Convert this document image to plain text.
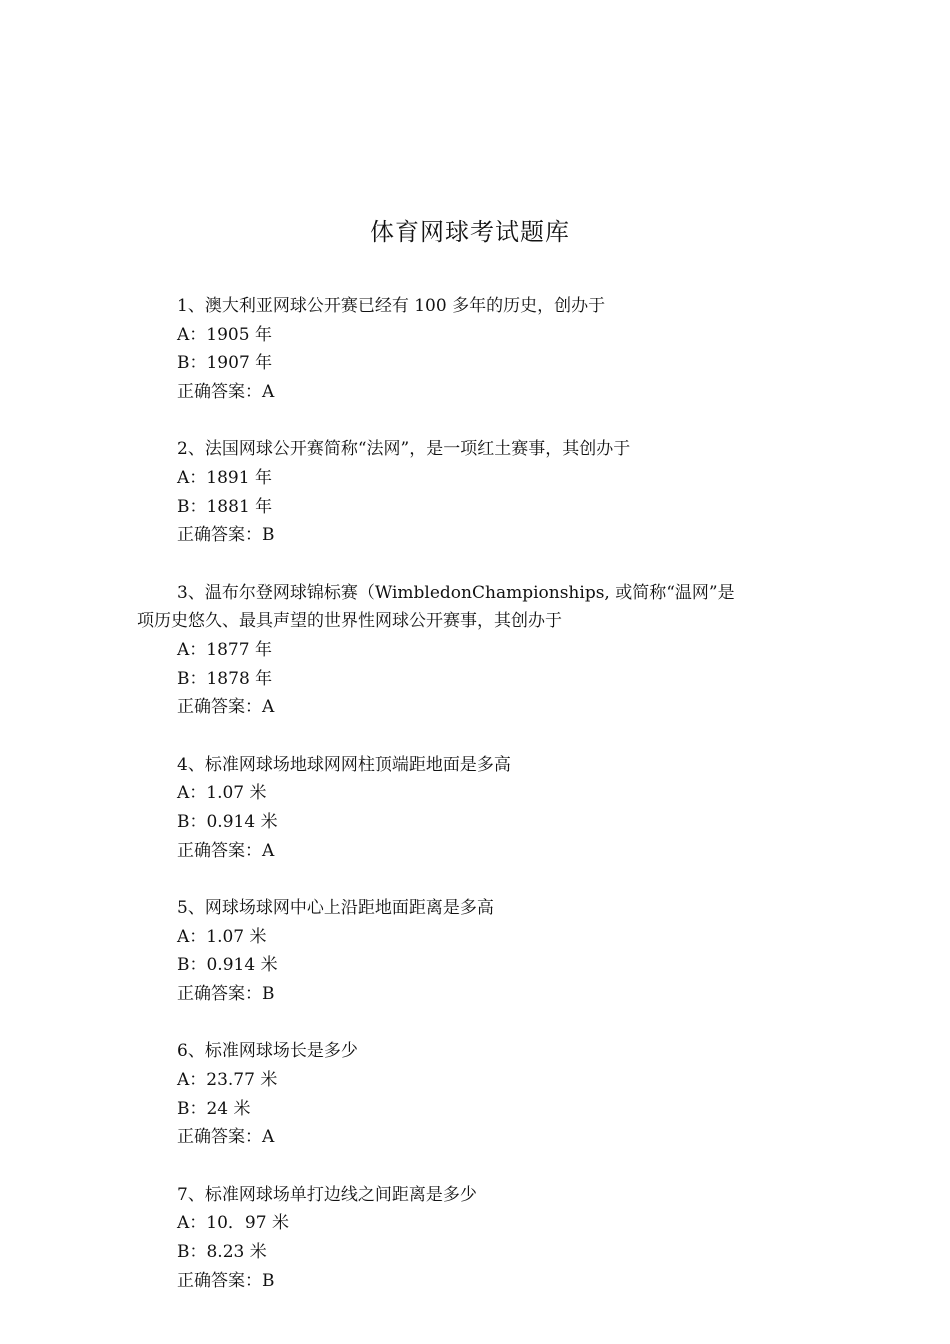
体育网球考试题库
1、澳大利亚网球公开赛已经有 100 多年的历史，创办于
A：1905 年
B：1907 年
正确答案：A
2、法国网球公开赛简称“法网”，是一项红土赛事，其创办于
A：1891 年
B：1881 年
正确答案：B
3、温布尔登网球锦标赛（WimbledonChampionships, 或简称“温网”是
项历史悠久、最具声望的世界性网球公开赛事，其创办于
A：1877 年
B：1878 年
正确答案：A
4、标准网球场地球网网柱顶端距地面是多高
A：1.07 米
B：0.914 米
正确答案：A
5、网球场球网中心上沿距地面距离是多高
A：1.07 米
B：0.914 米
正确答案：B
6、标准网球场长是多少
A：23.77 米
B：24 米
正确答案：A
7、标准网球场单打边线之间距离是多少
A：10．97 米
B：8.23 米
正确答案：B
